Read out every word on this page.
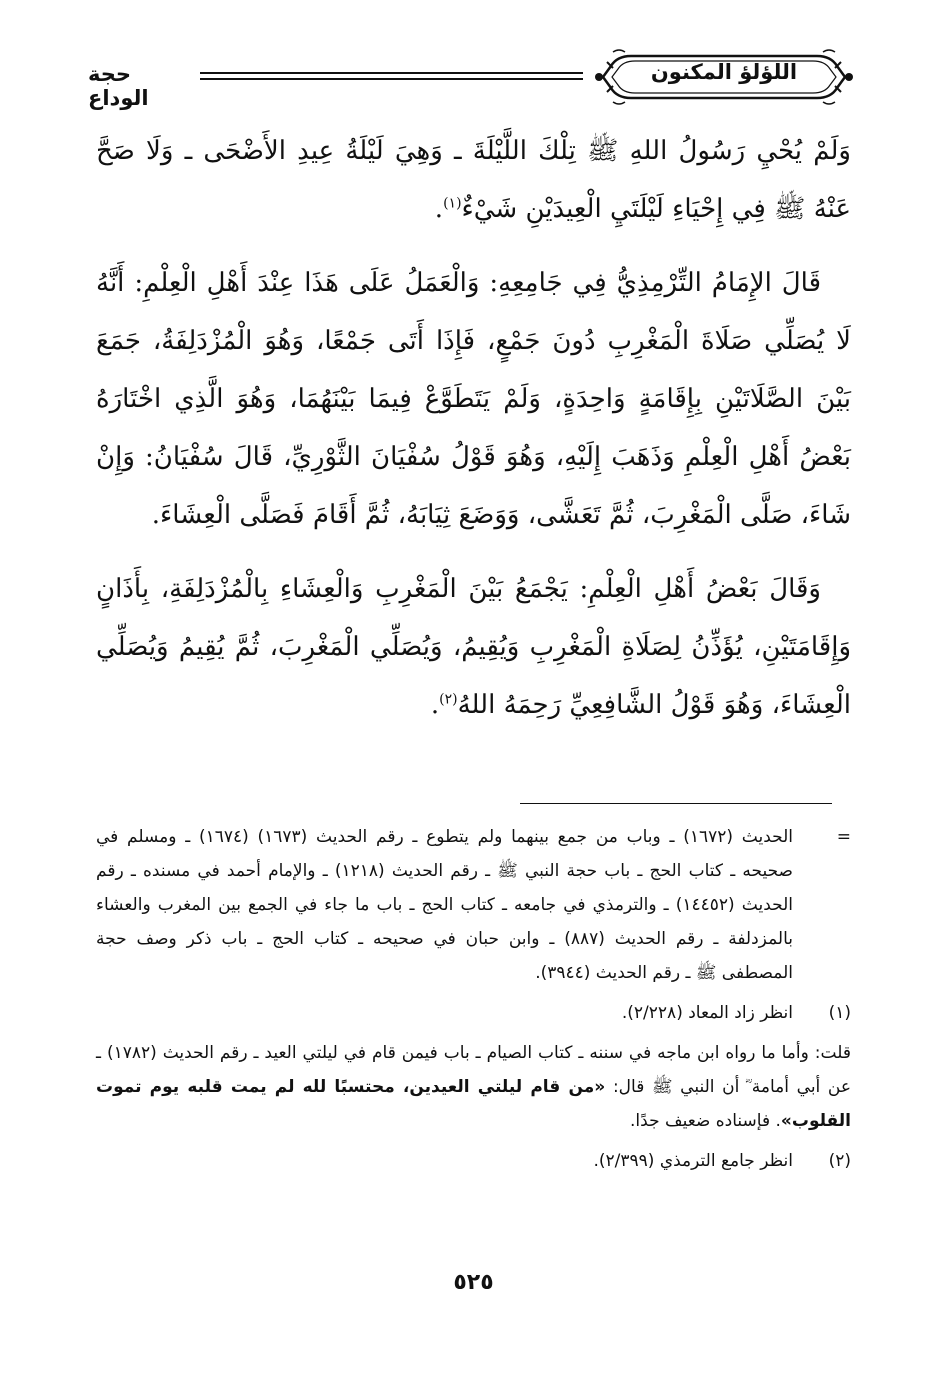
اللؤلؤ المكنون
حجة الوداع

وَلَمْ يُحْيِ رَسُولُ اللهِ ﷺ تِلْكَ اللَّيْلَةَ ـ وَهِيَ لَيْلَةُ عِيدِ الأَضْحَى ـ وَلَا صَحَّ عَنْهُ ﷺ فِي إِحْيَاءِ لَيْلَتَيِ الْعِيدَيْنِ شَيْءٌ$^{(١)}$.

قَالَ الإِمَامُ التِّرْمِذِيُّ فِي جَامِعِهِ: وَالْعَمَلُ عَلَى هَذَا عِنْدَ أَهْلِ الْعِلْمِ: أَنَّهُ لَا يُصَلِّي صَلَاةَ الْمَغْرِبِ دُونَ جَمْعٍ، فَإِذَا أَتَى جَمْعًا، وَهُوَ الْمُزْدَلِفَةُ، جَمَعَ بَيْنَ الصَّلَاتَيْنِ بِإِقَامَةٍ وَاحِدَةٍ، وَلَمْ يَتَطَوَّعْ فِيمَا بَيْنَهُمَا، وَهُوَ الَّذِي اخْتَارَهُ بَعْضُ أَهْلِ الْعِلْمِ وَذَهَبَ إِلَيْهِ، وَهُوَ قَوْلُ سُفْيَانَ الثَّوْرِيِّ، قَالَ سُفْيَانُ: وَإِنْ شَاءَ، صَلَّى الْمَغْرِبَ، ثُمَّ تَعَشَّى، وَوَضَعَ ثِيَابَهُ، ثُمَّ أَقَامَ فَصَلَّى الْعِشَاءَ.

وَقَالَ بَعْضُ أَهْلِ الْعِلْمِ: يَجْمَعُ بَيْنَ الْمَغْرِبِ وَالْعِشَاءِ بِالْمُزْدَلِفَةِ، بِأَذَانٍ وَإِقَامَتَيْنِ، يُؤَذِّنُ لِصَلَاةِ الْمَغْرِبِ وَيُقِيمُ، وَيُصَلِّي الْمَغْرِبَ، ثُمَّ يُقِيمُ وَيُصَلِّي الْعِشَاءَ، وَهُوَ قَوْلُ الشَّافِعِيِّ رَحِمَهُ اللهُ$^{(٢)}$.

=
الحديث (١٦٧٢) ـ وباب من جمع بينهما ولم يتطوع ـ رقم الحديث (١٦٧٣) (١٦٧٤) ـ ومسلم في صحيحه ـ كتاب الحج ـ باب حجة النبي ﷺ ـ رقم الحديث (١٢١٨) ـ والإمام أحمد في مسنده ـ رقم الحديث (١٤٤٥٢) ـ والترمذي في جامعه ـ كتاب الحج ـ باب ما جاء في الجمع بين المغرب والعشاء بالمزدلفة ـ رقم الحديث (٨٨٧) ـ وابن حبان في صحيحه ـ كتاب الحج ـ باب ذكر وصف حجة المصطفى ﷺ ـ رقم الحديث (٣٩٤٤).
(١)
انظر زاد المعاد (٢/٢٢٨).
قلت: وأما ما رواه ابن ماجه في سننه ـ كتاب الصيام ـ باب فيمن قام في ليلتي العيد ـ رقم الحديث (١٧٨٢) ـ عن أبي أمامة ؓ أن النبي ﷺ قال: «من قام ليلتي العيدين، محتسبًا لله لم يمت قلبه يوم تموت القلوب». فإسناده ضعيف جدًا.
(٢)
انظر جامع الترمذي (٢/٣٩٩).
٥٢٥
